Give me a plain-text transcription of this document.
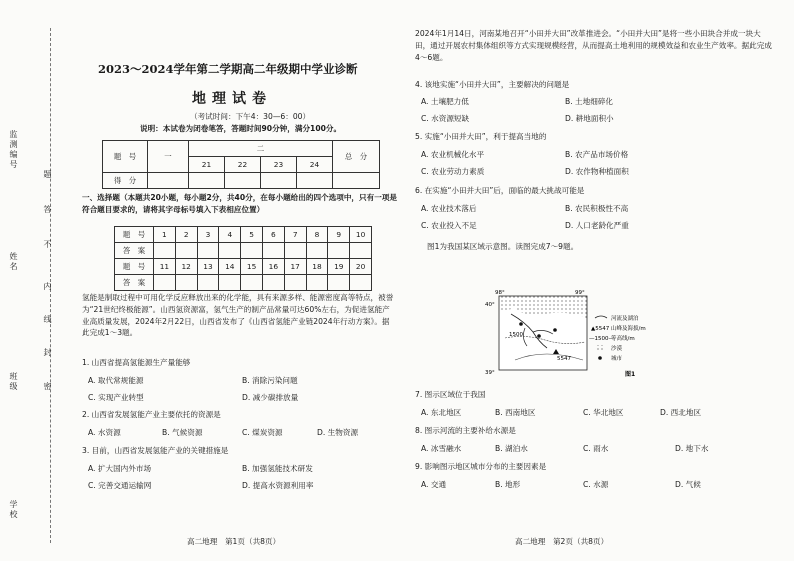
监测编号
题
答
不
姓名
内
线
封
班级	密
学校
2023～2024学年第二学期高二年级期中学业诊断
地理试卷
（考试时间：下午4：30—6：00）
说明：本试卷为闭卷笔答，答题时间90分钟，满分100分。
题　号	一	二				总　分
		21	22	23	24	
得　分						
一、选择题（本题共20小题，每小题2分，共40分，在每小题给出的四个选项中，只有一项是符合题目要求的，请将其字母标号填入下表相应位置）
题　号	1	2	3	4	5	6	7	8	9	10
答　案										
题　号	11	12	13	14	15	16	17	18	19	20
答　案										
氢能是制取过程中可用化学反应释放出来的化学能，具有来源多样、能源密度高等特点，被誉为“21世纪终极能源”。山西氢资源富，氢气生产的制产品常量可达60%左右，为促进氢能产业高质量发展，2024年2月22日，山西省发布了《山西省氢能产业链2024年行动方案》。据此完成1～3题。
1. 山西省提高氢能源生产量能够
A. 取代常规能源	B. 消除污染问题
C. 实现产业转型	D. 减少碳排放量
2. 山西省发展氢能产业主要依托的资源是
A. 水资源	B. 气候资源	C. 煤炭资源	D. 生物资源
3. 目前，山西省发展氢能产业的关键措施是
A. 扩大国内外市场	B. 加强氢能技术研发
C. 完善交通运输网	D. 提高水资源利用率
高二地理　第1页（共8页）
2024年1月14日，河南某地召开“小田并大田”改革推进会。“小田并大田”是将一些小田块合并成一块大田，通过开展农村集体组织等方式实现规模经营，从而提高土地利用的规模效益和农业生产效率。据此完成4～6题。
4. 该地实施“小田并大田”，主要解决的问题是
A. 土壤肥力低	B. 土地细碎化
C. 水资源短缺	D. 耕地面积小
5. 实施“小田并大田”，利于提高当地的
A. 农业机械化水平	B. 农产品市场价格
C. 农业劳动力素质	D. 农作物种植面积
6. 在实施“小田并大田”后，面临的最大挑战可能是
A. 农业技术落后	B. 农民积极性不高
C. 农业投入不足	D. 人口老龄化严重
图1为我国某区域示意图。读图完成7～9题。
98°	99°
40°
39°
1500
5547
河流及湖泊
▲5547 山峰及海拔/m
—1500—
等高线/m
沙漠
城市
图1
7. 图示区域位于我国
A. 东北地区	B. 西南地区	C. 华北地区	D. 西北地区
8. 图示河流的主要补给水源是
A. 冰雪融水	B. 湖泊水	C. 雨水	D. 地下水
9. 影响图示地区城市分布的主要因素是
A. 交通	B. 地形	C. 水源	D. 气候
高二地理　第2页（共8页）
